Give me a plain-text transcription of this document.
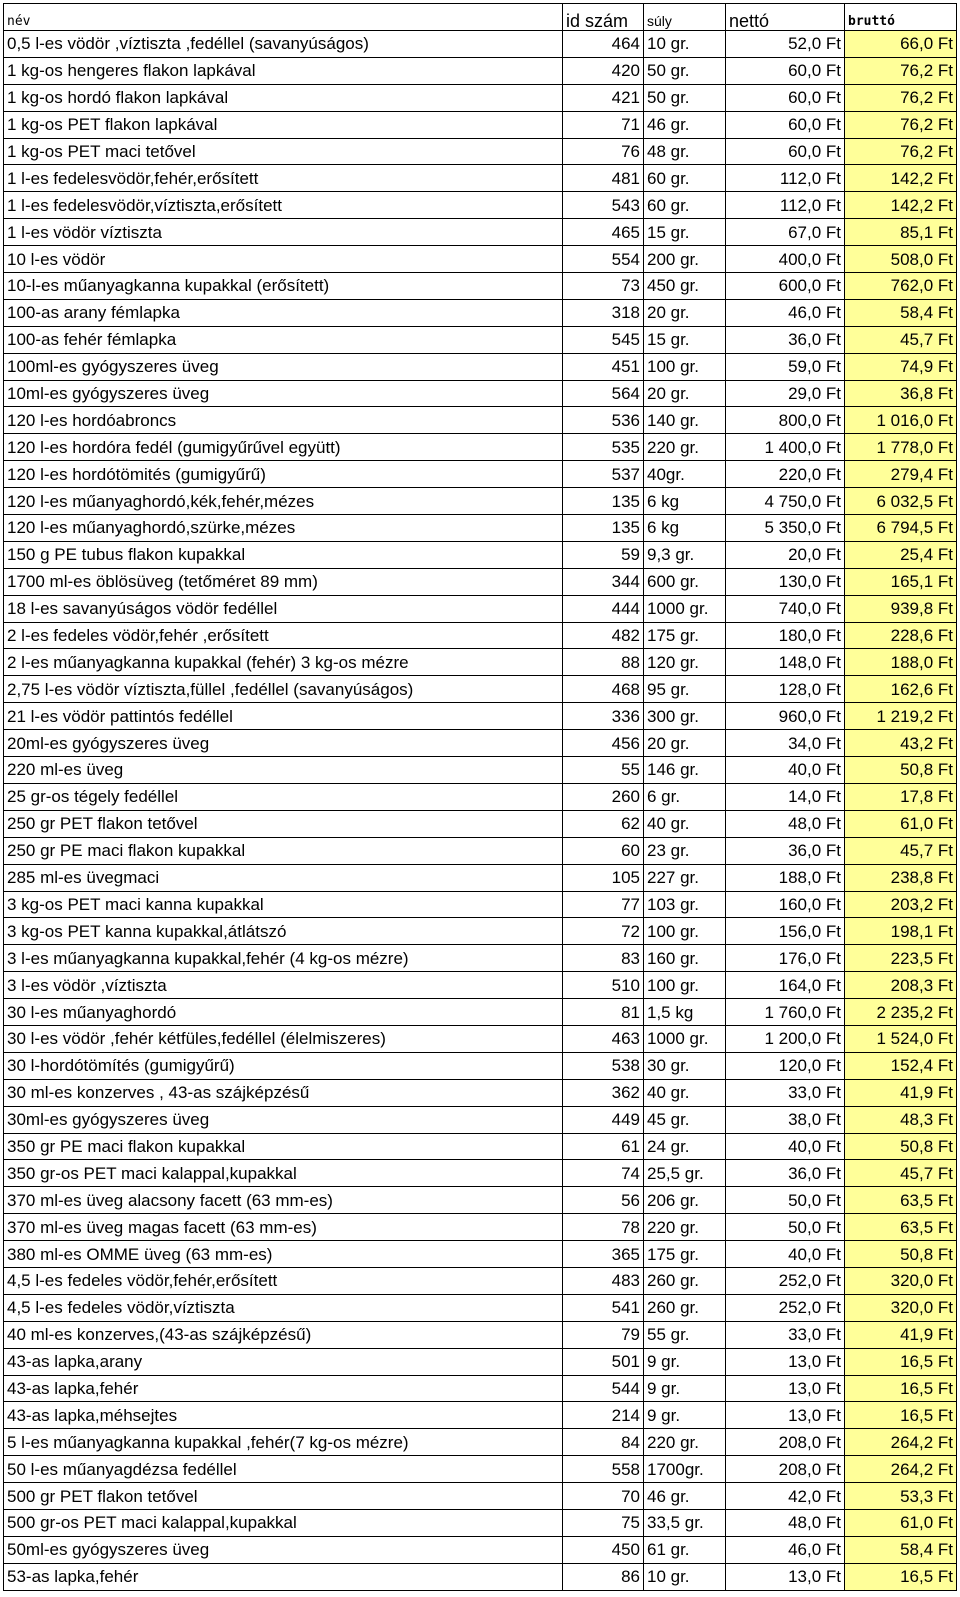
név	id szám	súly	nettó	bruttó
0,5 l-es vödör ,víztiszta ,fedéllel (savanyúságos)	464	10 gr.	52,0 Ft	66,0 Ft
1 kg-os hengeres flakon lapkával	420	50 gr.	60,0 Ft	76,2 Ft
1 kg-os hordó flakon lapkával	421	50 gr.	60,0 Ft	76,2 Ft
1 kg-os PET flakon lapkával	71	46 gr.	60,0 Ft	76,2 Ft
1 kg-os PET maci tetővel	76	48 gr.	60,0 Ft	76,2 Ft
1 l-es fedelesvödör,fehér,erősített	481	60 gr.	112,0 Ft	142,2 Ft
1 l-es fedelesvödör,víztiszta,erősített	543	60 gr.	112,0 Ft	142,2 Ft
1 l-es vödör víztiszta	465	15 gr.	67,0 Ft	85,1 Ft
10 l-es vödör	554	200 gr.	400,0 Ft	508,0 Ft
10-l-es műanyagkanna kupakkal (erősített)	73	450 gr.	600,0 Ft	762,0 Ft
100-as arany fémlapka	318	20 gr.	46,0 Ft	58,4 Ft
100-as fehér fémlapka	545	15 gr.	36,0 Ft	45,7 Ft
100ml-es gyógyszeres üveg	451	100 gr.	59,0 Ft	74,9 Ft
10ml-es gyógyszeres üveg	564	20 gr.	29,0 Ft	36,8 Ft
120 l-es hordóabroncs	536	140 gr.	800,0 Ft	1 016,0 Ft
120 l-es hordóra fedél (gumigyűrűvel együtt)	535	220 gr.	1 400,0 Ft	1 778,0 Ft
120 l-es hordótömités (gumigyűrű)	537	40gr.	220,0 Ft	279,4 Ft
120 l-es műanyaghordó,kék,fehér,mézes	135	6 kg	4 750,0 Ft	6 032,5 Ft
120 l-es műanyaghordó,szürke,mézes	135	6 kg	5 350,0 Ft	6 794,5 Ft
150 g PE tubus flakon kupakkal	59	9,3 gr.	20,0 Ft	25,4 Ft
1700 ml-es öblösüveg (tetőméret 89 mm)	344	600 gr.	130,0 Ft	165,1 Ft
18 l-es savanyúságos vödör fedéllel	444	1000 gr.	740,0 Ft	939,8 Ft
2 l-es fedeles vödör,fehér ,erősített	482	175 gr.	180,0 Ft	228,6 Ft
2 l-es műanyagkanna kupakkal (fehér) 3 kg-os mézre	88	120 gr.	148,0 Ft	188,0 Ft
2,75 l-es vödör víztiszta,füllel ,fedéllel (savanyúságos)	468	95 gr.	128,0 Ft	162,6 Ft
21 l-es vödör pattintós fedéllel	336	300 gr.	960,0 Ft	1 219,2 Ft
20ml-es gyógyszeres üveg	456	20 gr.	34,0 Ft	43,2 Ft
220 ml-es üveg	55	146 gr.	40,0 Ft	50,8 Ft
25 gr-os tégely fedéllel	260	6 gr.	14,0 Ft	17,8 Ft
250 gr PET flakon tetővel	62	40 gr.	48,0 Ft	61,0 Ft
250 gr PE maci flakon kupakkal	60	23 gr.	36,0 Ft	45,7 Ft
285 ml-es üvegmaci	105	227 gr.	188,0 Ft	238,8 Ft
3 kg-os PET maci kanna kupakkal	77	103 gr.	160,0 Ft	203,2 Ft
3 kg-os PET kanna kupakkal,átlátszó	72	100 gr.	156,0 Ft	198,1 Ft
3 l-es műanyagkanna kupakkal,fehér (4 kg-os mézre)	83	160 gr.	176,0 Ft	223,5 Ft
3 l-es vödör ,víztiszta	510	100 gr.	164,0 Ft	208,3 Ft
30 l-es műanyaghordó	81	1,5 kg	1 760,0 Ft	2 235,2 Ft
30 l-es vödör ,fehér kétfüles,fedéllel (élelmiszeres)	463	1000 gr.	1 200,0 Ft	1 524,0 Ft
30 l-hordótömítés (gumigyűrű)	538	30 gr.	120,0 Ft	152,4 Ft
30 ml-es konzerves , 43-as szájképzésű	362	40 gr.	33,0 Ft	41,9 Ft
30ml-es gyógyszeres üveg	449	45 gr.	38,0 Ft	48,3 Ft
350 gr PE maci flakon kupakkal	61	24 gr.	40,0 Ft	50,8 Ft
350 gr-os PET maci kalappal,kupakkal	74	25,5 gr.	36,0 Ft	45,7 Ft
370 ml-es üveg alacsony facett (63 mm-es)	56	206 gr.	50,0 Ft	63,5 Ft
370 ml-es üveg magas facett (63 mm-es)	78	220 gr.	50,0 Ft	63,5 Ft
380 ml-es OMME üveg (63 mm-es)	365	175 gr.	40,0 Ft	50,8 Ft
4,5 l-es fedeles vödör,fehér,erősített	483	260 gr.	252,0 Ft	320,0 Ft
4,5 l-es fedeles vödör,víztiszta	541	260 gr.	252,0 Ft	320,0 Ft
40 ml-es konzerves,(43-as szájképzésű)	79	55 gr.	33,0 Ft	41,9 Ft
43-as lapka,arany	501	9 gr.	13,0 Ft	16,5 Ft
43-as lapka,fehér	544	9 gr.	13,0 Ft	16,5 Ft
43-as lapka,méhsejtes	214	9 gr.	13,0 Ft	16,5 Ft
5 l-es műanyagkanna kupakkal ,fehér(7 kg-os mézre)	84	220 gr.	208,0 Ft	264,2 Ft
50 l-es műanyagdézsa fedéllel	558	1700gr.	208,0 Ft	264,2 Ft
500 gr PET flakon tetővel	70	46 gr.	42,0 Ft	53,3 Ft
500 gr-os PET maci kalappal,kupakkal	75	33,5 gr.	48,0 Ft	61,0 Ft
50ml-es gyógyszeres üveg	450	61 gr.	46,0 Ft	58,4 Ft
53-as lapka,fehér	86	10 gr.	13,0 Ft	16,5 Ft
